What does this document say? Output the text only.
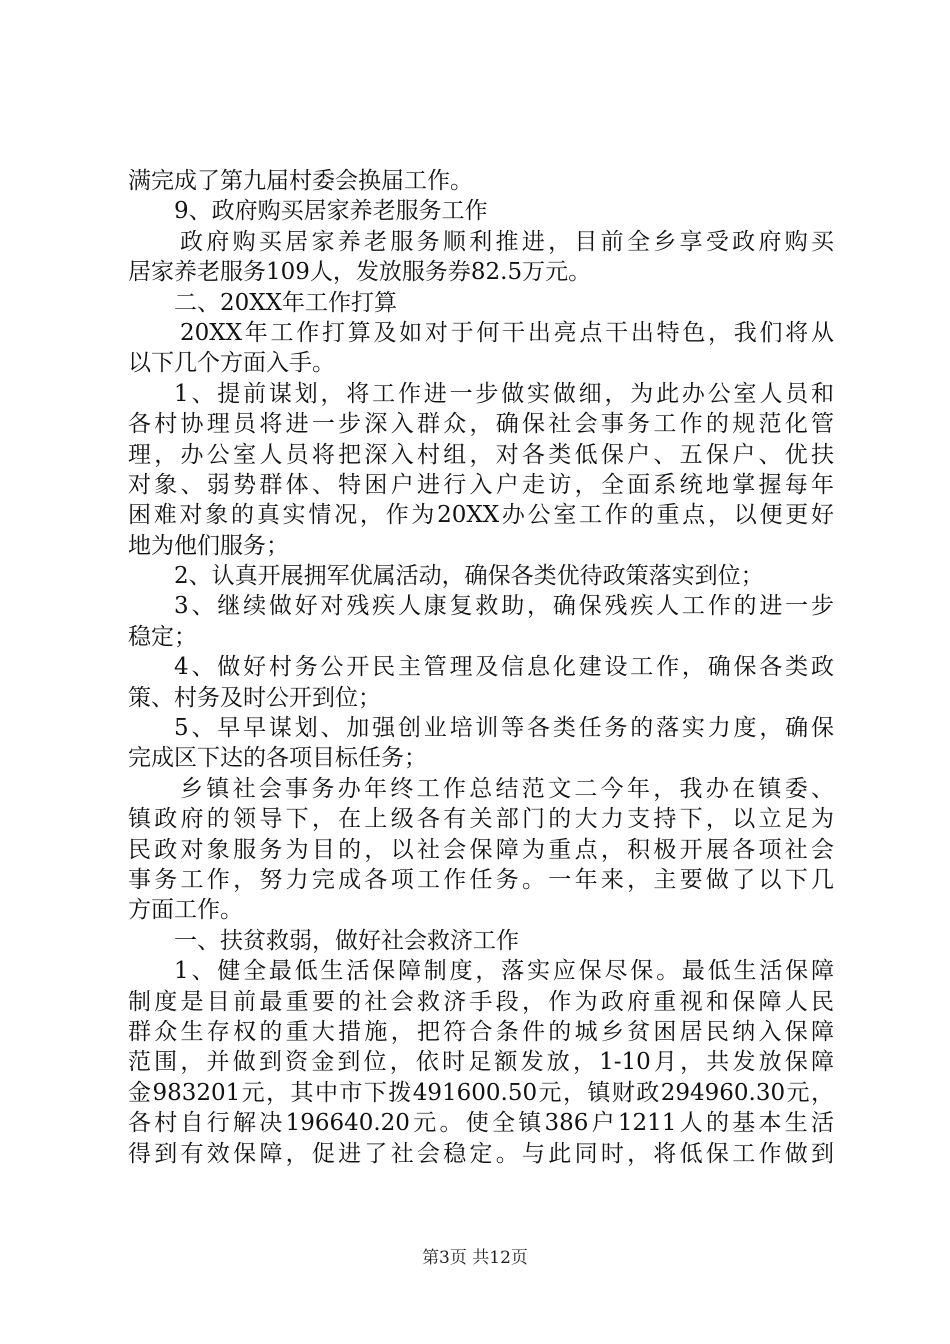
满完成了第九届村委会换届工作。
9、政府购买居家养老服务工作
政府购买居家养老服务顺利推进，目前全乡享受政府购买
居家养老服务109人，发放服务券82.5万元。
二、20XX年工作打算
20XX年工作打算及如对于何干出亮点干出特色，我们将从
以下几个方面入手。
1、提前谋划，将工作进一步做实做细，为此办公室人员和
各村协理员将进一步深入群众，确保社会事务工作的规范化管
理，办公室人员将把深入村组，对各类低保户、五保户、优扶
对象、弱势群体、特困户进行入户走访，全面系统地掌握每年
困难对象的真实情况，作为20XX办公室工作的重点，以便更好
地为他们服务；
2、认真开展拥军优属活动，确保各类优待政策落实到位；
3、继续做好对残疾人康复救助，确保残疾人工作的进一步
稳定；
4、做好村务公开民主管理及信息化建设工作，确保各类政
策、村务及时公开到位；
5、早早谋划、加强创业培训等各类任务的落实力度，确保
完成区下达的各项目标任务；
乡镇社会事务办年终工作总结范文二今年，我办在镇委、
镇政府的领导下，在上级各有关部门的大力支持下，以立足为
民政对象服务为目的，以社会保障为重点，积极开展各项社会
事务工作，努力完成各项工作任务。一年来，主要做了以下几
方面工作。
一、扶贫救弱，做好社会救济工作
1、健全最低生活保障制度，落实应保尽保。最低生活保障
制度是目前最重要的社会救济手段，作为政府重视和保障人民
群众生存权的重大措施，把符合条件的城乡贫困居民纳入保障
范围，并做到资金到位，依时足额发放，1-10月，共发放保障
金983201元，其中市下拨491600.50元，镇财政294960.30元，
各村自行解决196640.20元。使全镇386户1211人的基本生活
得到有效保障，促进了社会稳定。与此同时，将低保工作做到
第3页 共12页
